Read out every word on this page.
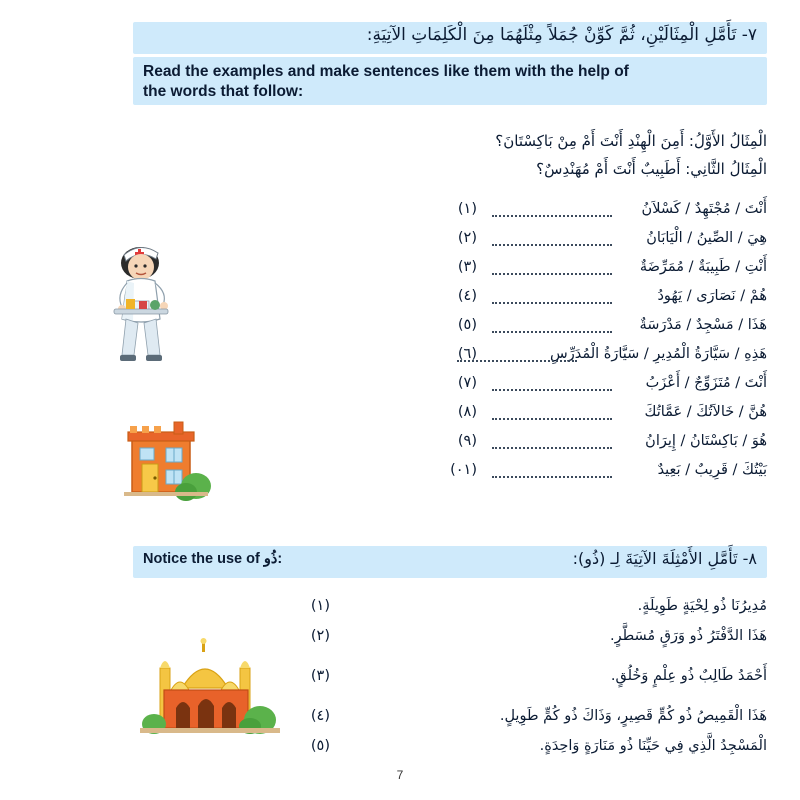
٧- تَأَمَّلِ الْمِثَالَيْنِ، ثُمَّ كَوِّنْ جُمَلاً مِثْلَهُمَا مِنَ الْكَلِمَاتِ الآتِيَةِ:
Read the examples and make sentences like them with the help of the words that follow:
الْمِثَالُ الأَوَّلُ: أَمِنَ الْهِنْدِ أَنْتَ أَمْ مِنْ بَاكِسْتَانَ؟
الْمِثَالُ الثَّانِي: أَطَبِيبٌ أَنْتَ أَمْ مُهَنْدِسٌ؟
أَنْتَ / مُجْتَهِدٌ / كَسْلاَنُ
(١)
هِيَ / الصِّينُ / الْيَابَانُ
(٢)
أَنْتِ / طَبِيبَةٌ / مُمَرِّضَةٌ
(٣)
هُمْ / نَصَارَى / يَهُودُ
(٤)
هَذَا / مَسْجِدٌ / مَدْرَسَةٌ
(٥)
هَذِهِ / سَيَّارَةُ الْمُدِيرِ / سَيَّارَةُ الْمُدَرِّسِ
(٦)
أَنْتَ / مُتَزَوِّجٌ / أَعْزَبُ
(٧)
هُنَّ / خَالاَتُكَ / عَمَّاتُكَ
(٨)
هُوَ / بَاكِسْتَانُ / إِيرَانُ
(٩)
بَيْتُكَ / قَرِيبٌ / بَعِيدٌ
(١٠)
٨- تَأَمَّلِ الأَمْثِلَةَ الآتِيَةَ لِـ (ذُو):
Notice the use of ذُو:
مُدِيرُنَا ذُو لِحْيَةٍ طَوِيلَةٍ.
هَذَا الدَّفْتَرُ ذُو وَرَقٍ مُسَطَّرٍ.
أَحْمَدُ طَالِبٌ ذُو عِلْمٍ وَخُلُقٍ.
هَذَا الْقَمِيصُ ذُو كُمٍّ قَصِيرٍ، وَذَاكَ ذُو كُمٍّ طَوِيلٍ.
الْمَسْجِدُ الَّذِي فِي حَيِّنَا ذُو مَنَارَةٍ وَاحِدَةٍ.
7
(١)
(٢)
(٣)
(٤)
(٥)
